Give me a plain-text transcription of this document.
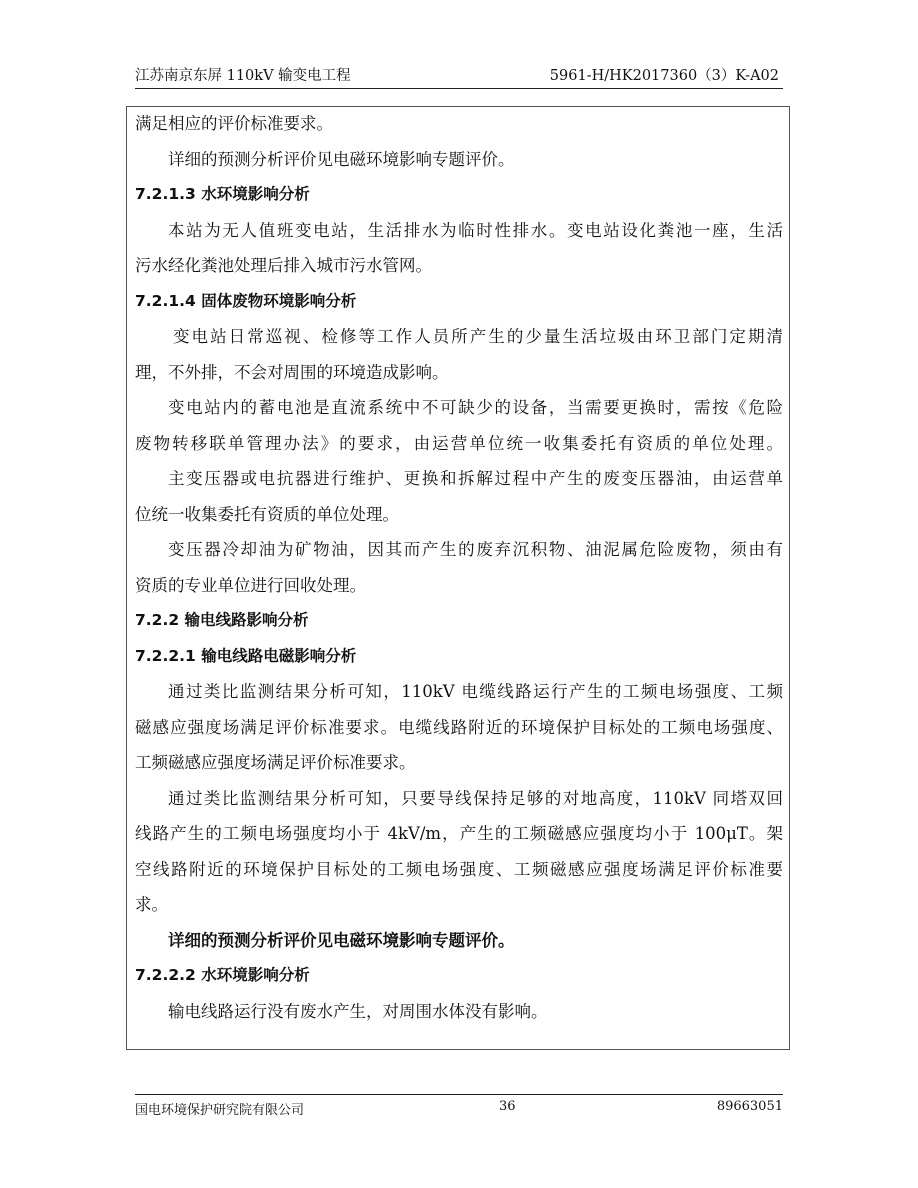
江苏南京东屏 110kV 输变电工程	5961-H/HK2017360（3）K-A02
满足相应的评价标准要求。
详细的预测分析评价见电磁环境影响专题评价。
7.2.1.3 水环境影响分析
本站为无人值班变电站，生活排水为临时性排水。变电站设化粪池一座，生活
污水经化粪池处理后排入城市污水管网。
7.2.1.4 固体废物环境影响分析
变电站日常巡视、检修等工作人员所产生的少量生活垃圾由环卫部门定期清
理，不外排，不会对周围的环境造成影响。
变电站内的蓄电池是直流系统中不可缺少的设备，当需要更换时，需按《危险
废物转移联单管理办法》的要求，由运营单位统一收集委托有资质的单位处理。
主变压器或电抗器进行维护、更换和拆解过程中产生的废变压器油，由运营单
位统一收集委托有资质的单位处理。
变压器冷却油为矿物油，因其而产生的废弃沉积物、油泥属危险废物，须由有
资质的专业单位进行回收处理。
7.2.2 输电线路影响分析
7.2.2.1 输电线路电磁影响分析
通过类比监测结果分析可知，110kV 电缆线路运行产生的工频电场强度、工频
磁感应强度场满足评价标准要求。电缆线路附近的环境保护目标处的工频电场强度、
工频磁感应强度场满足评价标准要求。
通过类比监测结果分析可知，只要导线保持足够的对地高度，110kV 同塔双回
线路产生的工频电场强度均小于 4kV/m，产生的工频磁感应强度均小于 100μT。架
空线路附近的环境保护目标处的工频电场强度、工频磁感应强度场满足评价标准要
求。
详细的预测分析评价见电磁环境影响专题评价。
7.2.2.2 水环境影响分析
输电线路运行没有废水产生，对周围水体没有影响。
国电环境保护研究院有限公司	36	89663051
